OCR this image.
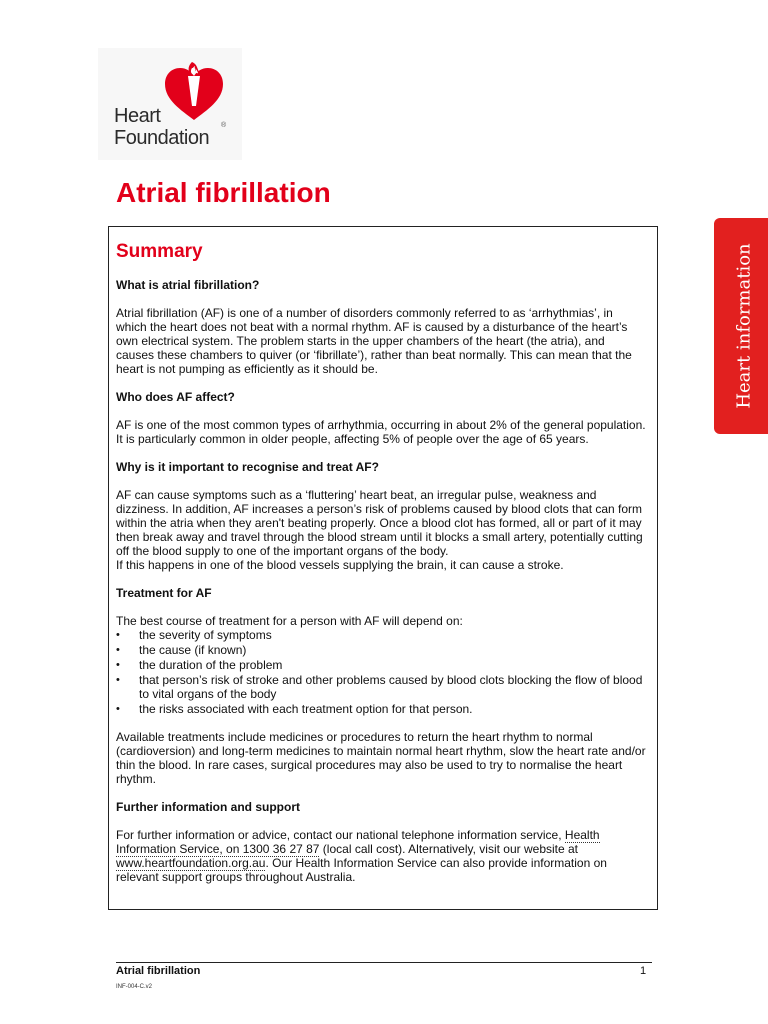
Heart
Foundation
®
Atrial fibrillation
Heart information
Summary
What is atrial fibrillation?
Atrial fibrillation (AF) is one of a number of disorders commonly referred to as ‘arrhythmias’, in which the heart does not beat with a normal rhythm. AF is caused by a disturbance of the heart’s own electrical system. The problem starts in the upper chambers of the heart (the atria), and causes these chambers to quiver (or ‘fibrillate’), rather than beat normally. This can mean that the heart is not pumping as efficiently as it should be.
Who does AF affect?
AF is one of the most common types of arrhythmia, occurring in about 2% of the general population. It is particularly common in older people, affecting 5% of people over the age of 65 years.
Why is it important to recognise and treat AF?
AF can cause symptoms such as a ‘fluttering’ heart beat, an irregular pulse, weakness and dizziness. In addition, AF increases a person’s risk of problems caused by blood clots that can form within the atria when they aren't beating properly. Once a blood clot has formed, all or part of it may then break away and travel through the blood stream until it blocks a small artery, potentially cutting off the blood supply to one of the important organs of the body.
If this happens in one of the blood vessels supplying the brain, it can cause a stroke.
Treatment for AF
The best course of treatment for a person with AF will depend on:
• the severity of symptoms
• the cause (if known)
• the duration of the problem
• that person’s risk of stroke and other problems caused by blood clots blocking the flow of blood to vital organs of the body
• the risks associated with each treatment option for that person.
Available treatments include medicines or procedures to return the heart rhythm to normal (cardioversion) and long-term medicines to maintain normal heart rhythm, slow the heart rate and/or thin the blood. In rare cases, surgical procedures may also be used to try to normalise the heart rhythm.
Further information and support
For further information or advice, contact our national telephone information service, Health Information Service, on 1300 36 27 87 (local call cost). Alternatively, visit our website at www.heartfoundation.org.au. Our Health Information Service can also provide information on relevant support groups throughout Australia.
Atrial fibrillation	1
INF-004-C.v2
